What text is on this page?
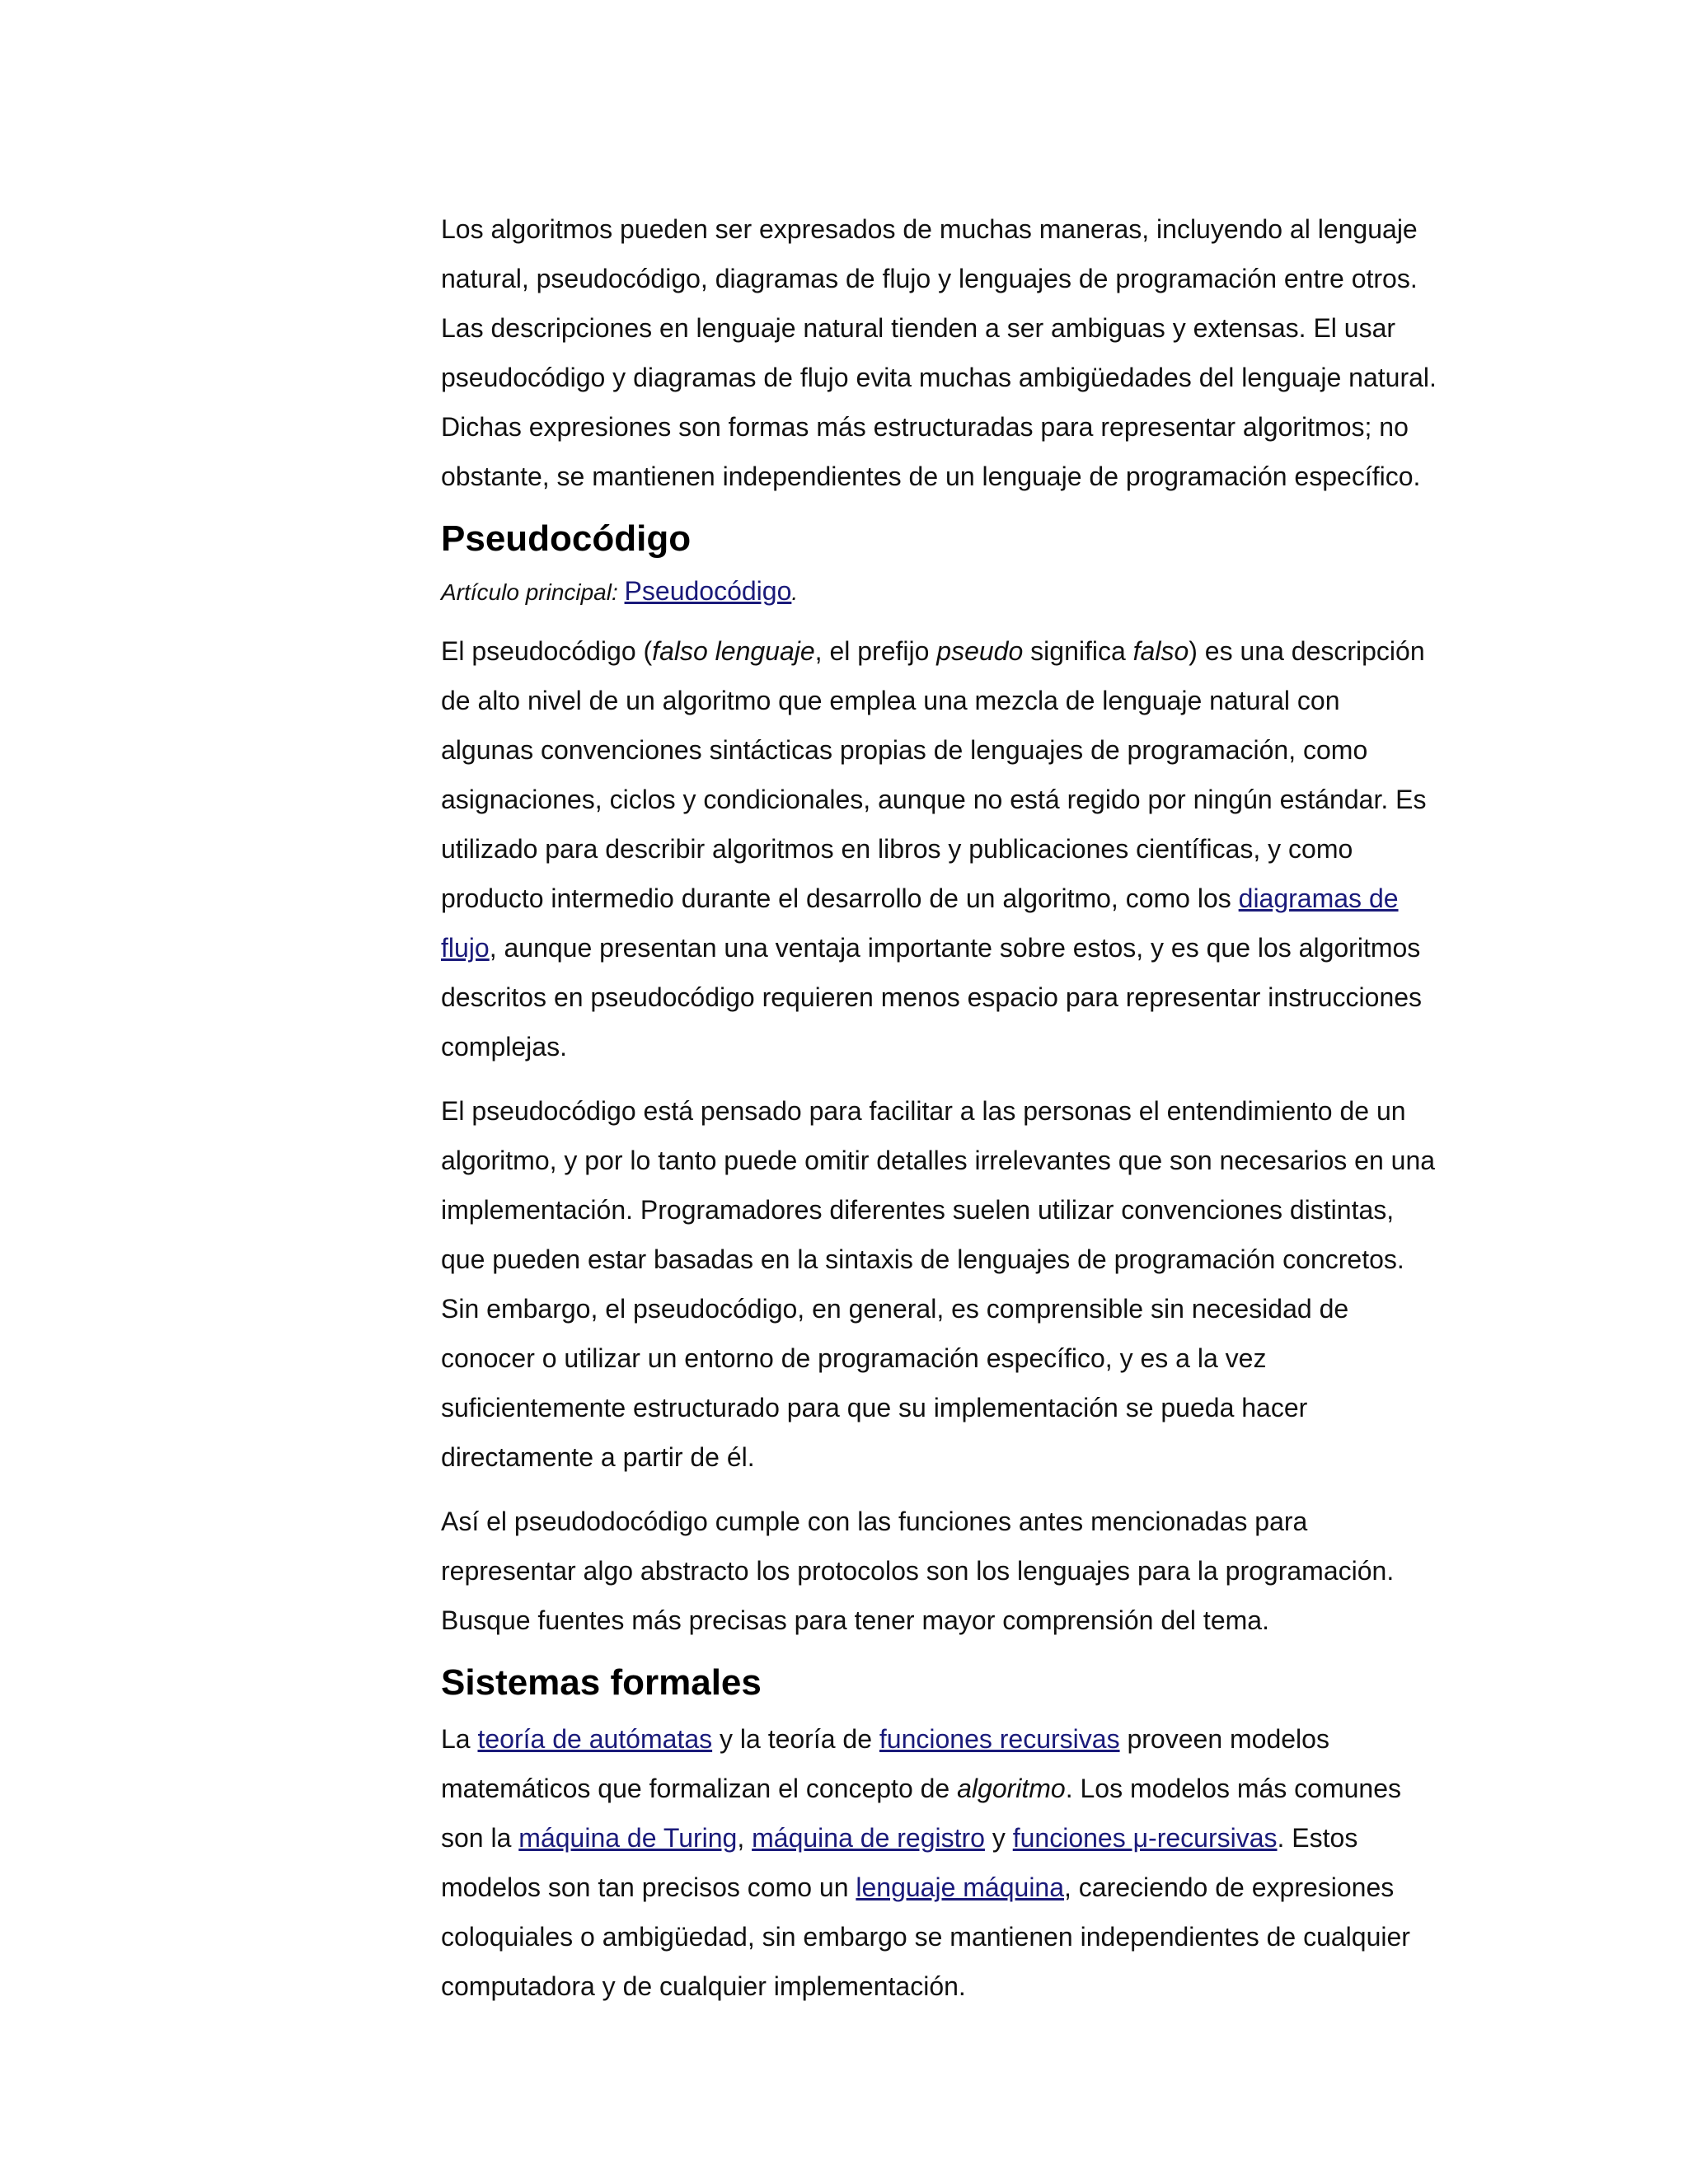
Los algoritmos pueden ser expresados de muchas maneras, incluyendo al lenguaje natural, pseudocódigo, diagramas de flujo y lenguajes de programación entre otros. Las descripciones en lenguaje natural tienden a ser ambiguas y extensas. El usar pseudocódigo y diagramas de flujo evita muchas ambigüedades del lenguaje natural. Dichas expresiones son formas más estructuradas para representar algoritmos; no obstante, se mantienen independientes de un lenguaje de programación específico.

Pseudocódigo
Artículo principal: Pseudocódigo.

El pseudocódigo (falso lenguaje, el prefijo pseudo significa falso) es una descripción de alto nivel de un algoritmo que emplea una mezcla de lenguaje natural con algunas convenciones sintácticas propias de lenguajes de programación, como asignaciones, ciclos y condicionales, aunque no está regido por ningún estándar. Es utilizado para describir algoritmos en libros y publicaciones científicas, y como producto intermedio durante el desarrollo de un algoritmo, como los diagramas de flujo, aunque presentan una ventaja importante sobre estos, y es que los algoritmos descritos en pseudocódigo requieren menos espacio para representar instrucciones complejas.

El pseudocódigo está pensado para facilitar a las personas el entendimiento de un algoritmo, y por lo tanto puede omitir detalles irrelevantes que son necesarios en una implementación. Programadores diferentes suelen utilizar convenciones distintas, que pueden estar basadas en la sintaxis de lenguajes de programación concretos. Sin embargo, el pseudocódigo, en general, es comprensible sin necesidad de conocer o utilizar un entorno de programación específico, y es a la vez suficientemente estructurado para que su implementación se pueda hacer directamente a partir de él.

Así el pseudodocódigo cumple con las funciones antes mencionadas para representar algo abstracto los protocolos son los lenguajes para la programación. Busque fuentes más precisas para tener mayor comprensión del tema.

Sistemas formales

La teoría de autómatas y la teoría de funciones recursivas proveen modelos matemáticos que formalizan el concepto de algoritmo. Los modelos más comunes son la máquina de Turing, máquina de registro y funciones μ-recursivas. Estos modelos son tan precisos como un lenguaje máquina, careciendo de expresiones coloquiales o ambigüedad, sin embargo se mantienen independientes de cualquier computadora y de cualquier implementación.
